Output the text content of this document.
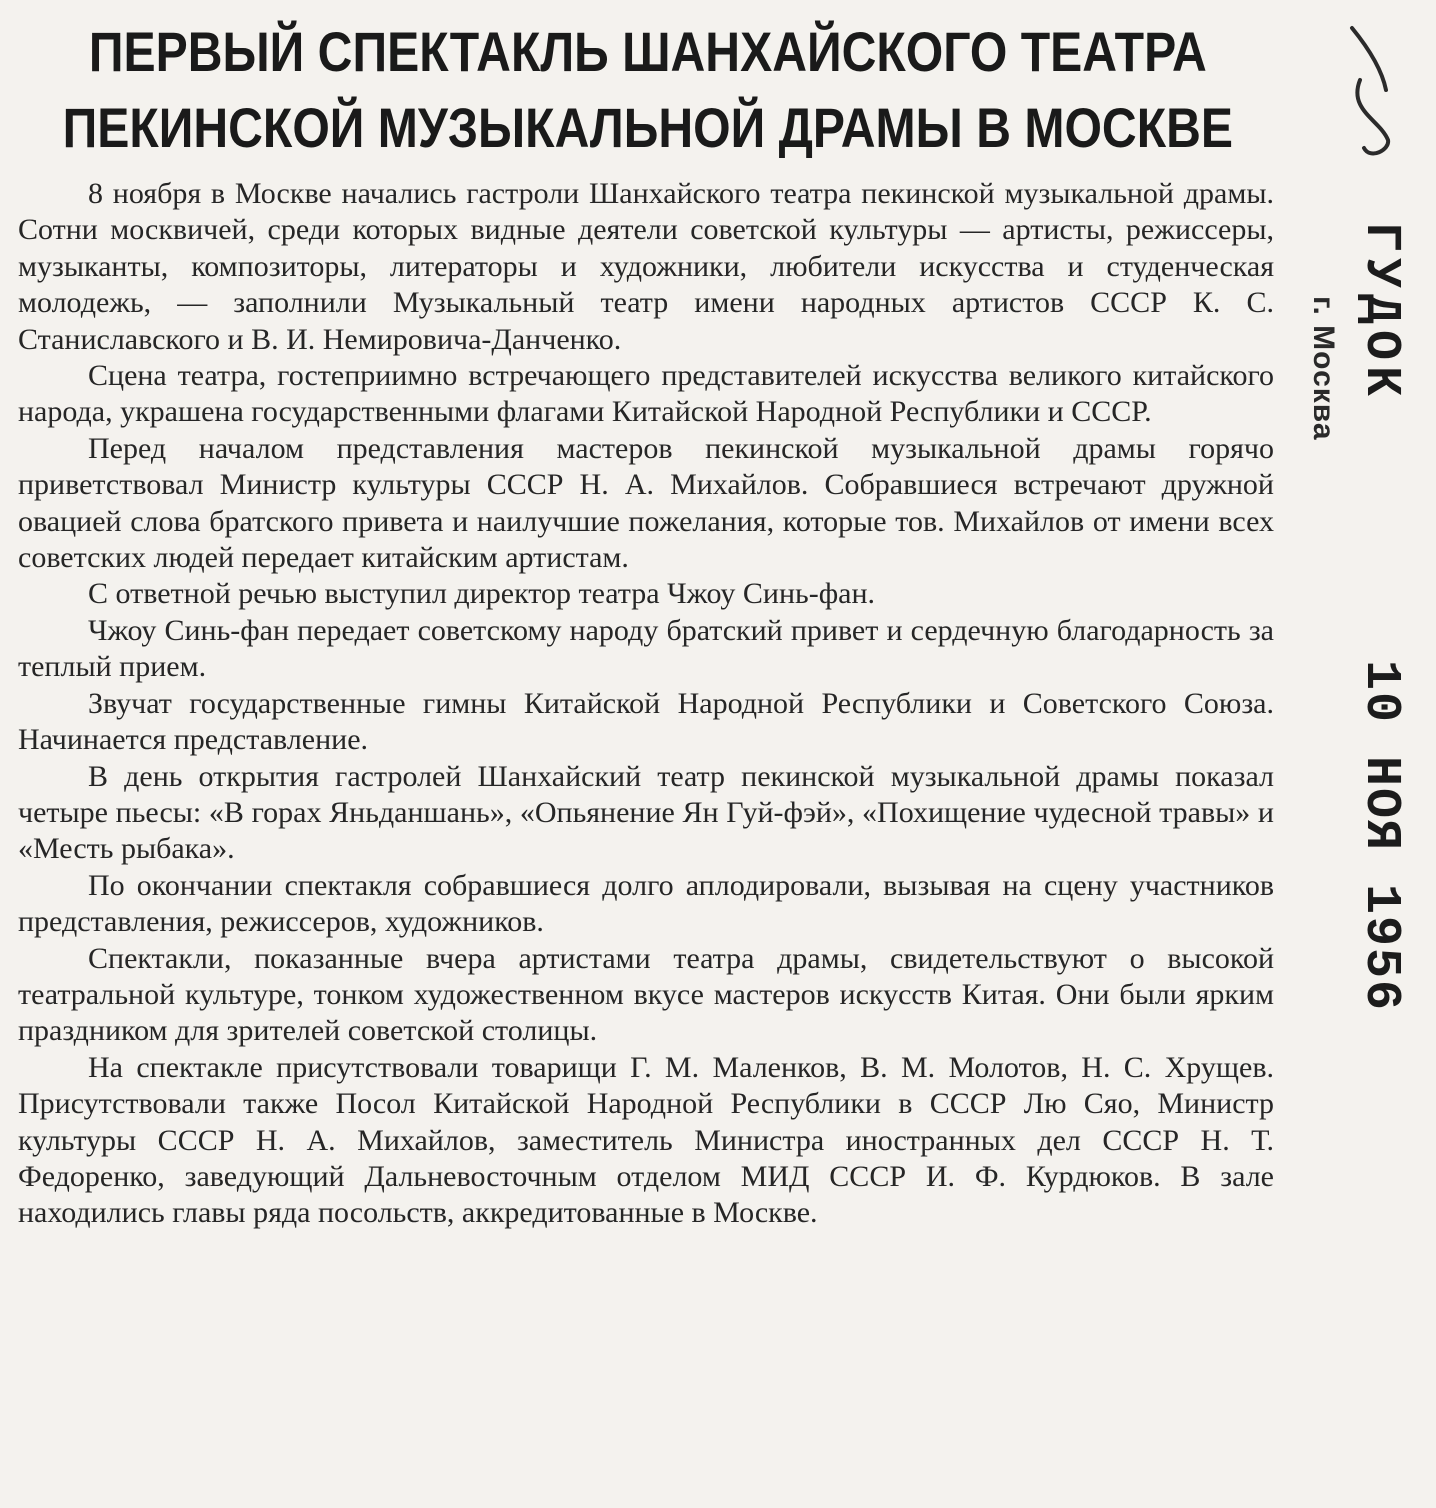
ПЕРВЫЙ СПЕКТАКЛЬ ШАНХАЙСКОГО ТЕАТРА
ПЕКИНСКОЙ МУЗЫКАЛЬНОЙ ДРАМЫ В МОСКВЕ

8 ноября в Москве начались гастроли Шанхайского театра пекинской музыкальной драмы. Сотни москвичей, среди которых видные деятели советской культуры — артисты, режиссеры, музыканты, композиторы, литераторы и художники, любители искусства и студенческая молодежь, — заполнили Музыкальный театр имени народных артистов СССР К. С. Станиславского и В. И. Немировича-Данченко.

Сцена театра, гостеприимно встречающего представителей искусства великого китайского народа, украшена государственными флагами Китайской Народной Республики и СССР.

Перед началом представления мастеров пекинской музыкальной драмы горячо приветствовал Министр культуры СССР Н. А. Михайлов. Собравшиеся встречают дружной овацией слова братского привета и наилучшие пожелания, которые тов. Михайлов от имени всех советских людей передает китайским артистам.

С ответной речью выступил директор театра Чжоу Синь-фан.

Чжоу Синь-фан передает советскому народу братский привет и сердечную благодарность за теплый прием.

Звучат государственные гимны Китайской Народной Республики и Советского Союза. Начинается представление.

В день открытия гастролей Шанхайский театр пекинской музыкальной драмы показал четыре пьесы: «В горах Яньданшань», «Опьянение Ян Гуй-фэй», «Похищение чудесной травы» и «Месть рыбака».

По окончании спектакля собравшиеся долго аплодировали, вызывая на сцену участников представления, режиссеров, художников.

Спектакли, показанные вчера артистами театра драмы, свидетельствуют о высокой театральной культуре, тонком художественном вкусе мастеров искусств Китая. Они были ярким праздником для зрителей советской столицы.

На спектакле присутствовали товарищи Г. М. Маленков, В. М. Молотов, Н. С. Хрущев. Присутствовали также Посол Китайской Народной Республики в СССР Лю Сяо, Министр культуры СССР Н. А. Михайлов, заместитель Министра иностранных дел СССР Н. Т. Федоренко, заведующий Дальневосточным отделом МИД СССР И. Ф. Курдюков. В зале находились главы ряда посольств, аккредитованные в Москве.

г. Москва ГУДОК
10 НОЯ 1956
